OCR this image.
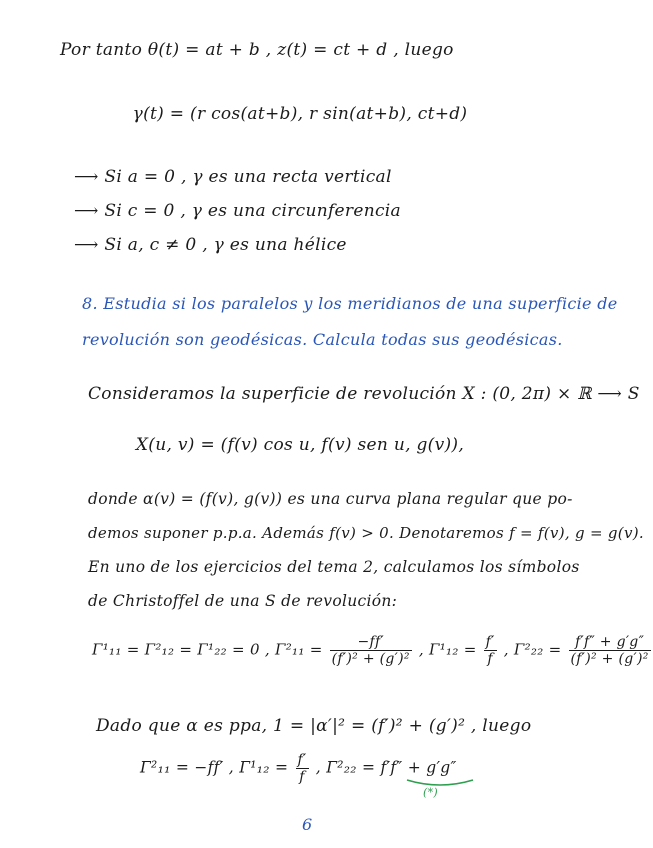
Por tanto θ(t) = at + b , z(t) = ct + d , luego
γ(t) = (r cos(at+b), r sin(at+b), ct+d)
⟶ Si a = 0 , γ es una recta vertical
⟶ Si c = 0 , γ es una circunferencia
⟶ Si a, c ≠ 0 , γ es una hélice
8. Estudia si los paralelos y los meridianos de una superficie de
revolución son geodésicas. Calcula todas sus geodésicas.
Consideramos la superficie de revolución X : (0, 2π) × ℝ ⟶ S
X(u, v) = (f(v) cos u, f(v) sen u, g(v)),
donde α(v) = (f(v), g(v)) es una curva plana regular que po-
demos suponer p.p.a. Además f(v) > 0. Denotaremos f = f(v), g = g(v).
En uno de los ejercicios del tema 2, calculamos los símbolos
de Christoffel de una S de revolución:
Γ¹₁₁ = Γ²₁₂ = Γ¹₂₂ = 0 , $\Gamma^2_{11} = \frac{-ff'}{\text{(f′)² + (g′)²}}$ , $\Gamma^1_{12} = \frac{f'}{f}$ , $\Gamma^2_{22} = \frac{f'f'' + g'g''}{\text{(f′)² + (g′)²}}$
Dado que α es ppa, 1 = |α′|² = (f′)² + (g′)² , luego
Γ²₁₁ = −ff′ , $\Gamma^1_{12} = \frac{f'}{f}$ , Γ²₂₂ = f′f″ + g′g″
(*)
6
